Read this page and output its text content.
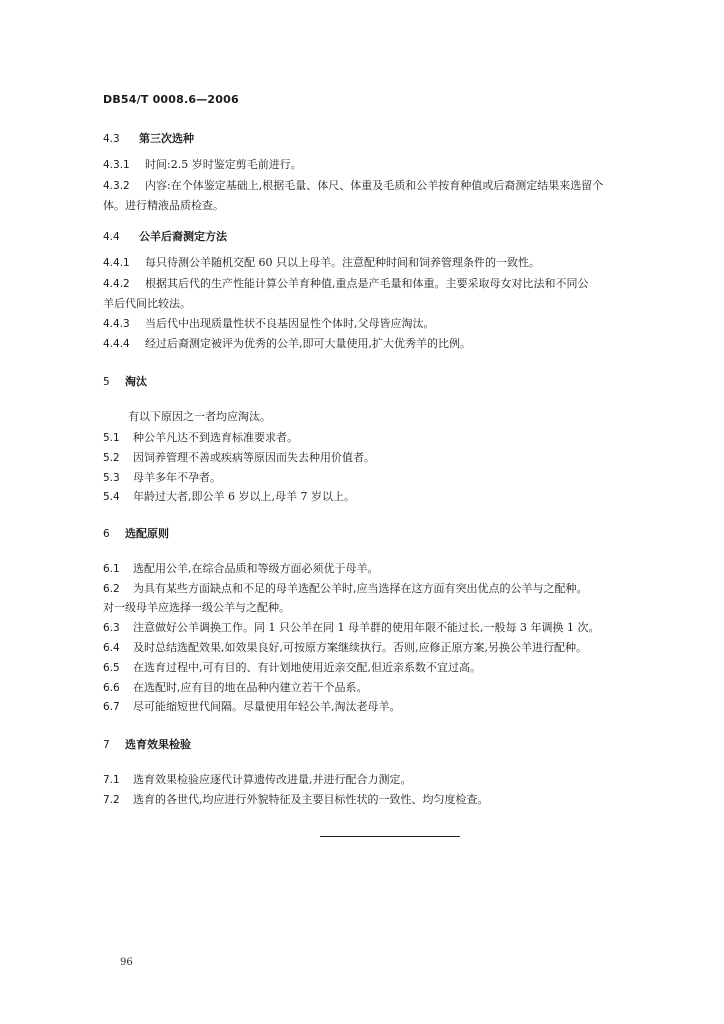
DB54/T 0008.6—2006
4.3 第三次选种
4.3.1 时间:2.5 岁时鉴定剪毛前进行。
4.3.2 内容:在个体鉴定基础上,根据毛量、体尺、体重及毛质和公羊按育种值或后裔测定结果来选留个
体。进行精液品质检查。
4.4 公羊后裔测定方法
4.4.1 每只待测公羊随机交配 60 只以上母羊。注意配种时间和饲养管理条件的一致性。
4.4.2 根据其后代的生产性能计算公羊育种值,重点是产毛量和体重。主要采取母女对比法和不同公
羊后代间比较法。
4.4.3 当后代中出现质量性状不良基因显性个体时,父母皆应淘汰。
4.4.4 经过后裔测定被评为优秀的公羊,即可大量使用,扩大优秀羊的比例。
5 淘汰
有以下原因之一者均应淘汰。
5.1 种公羊凡达不到选育标准要求者。
5.2 因饲养管理不善或疾病等原因而失去种用价值者。
5.3 母羊多年不孕者。
5.4 年龄过大者,即公羊 6 岁以上,母羊 7 岁以上。
6 选配原则
6.1 选配用公羊,在综合品质和等级方面必须优于母羊。
6.2 为具有某些方面缺点和不足的母羊选配公羊时,应当选择在这方面有突出优点的公羊与之配种。
对一级母羊应选择一级公羊与之配种。
6.3 注意做好公羊调换工作。同 1 只公羊在同 1 母羊群的使用年限不能过长,一般每 3 年调换 1 次。
6.4 及时总结选配效果,如效果良好,可按原方案继续执行。否则,应修正原方案,另换公羊进行配种。
6.5 在选育过程中,可有目的、有计划地使用近亲交配,但近亲系数不宜过高。
6.6 在选配时,应有目的地在品种内建立若干个品系。
6.7 尽可能缩短世代间隔。尽量使用年轻公羊,淘汰老母羊。
7 选育效果检验
7.1 选育效果检验应逐代计算遗传改进量,并进行配合力测定。
7.2 选育的各世代,均应进行外貌特征及主要目标性状的一致性、均匀度检查。
96
